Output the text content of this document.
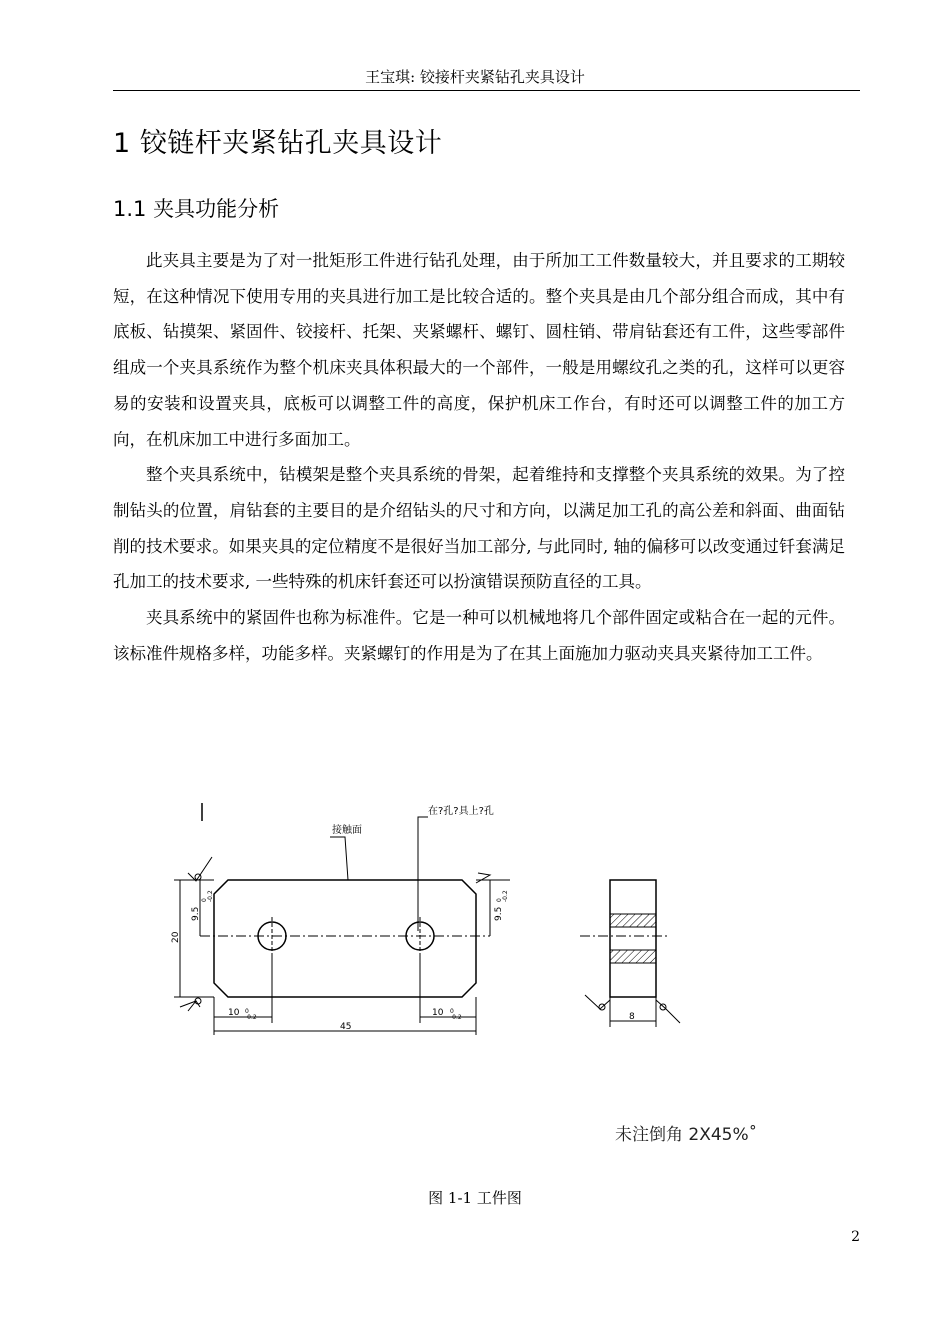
王宝琪: 铰接杆夹紧钻孔夹具设计
1 铰链杆夹紧钻孔夹具设计
1.1 夹具功能分析

此夹具主要是为了对一批矩形工件进行钻孔处理，由于所加工工件数量较大，并且要求的工期较短，在这种情况下使用专用的夹具进行加工是比较合适的。整个夹具是由几个部分组合而成，其中有底板、钻摸架、紧固件、铰接杆、托架、夹紧螺杆、螺钉、圆柱销、带肩钻套还有工件，这些零部件组成一个夹具系统作为整个机床夹具体积最大的一个部件，一般是用螺纹孔之类的孔，这样可以更容易的安装和设置夹具，底板可以调整工件的高度，保护机床工作台，有时还可以调整工件的加工方向，在机床加工中进行多面加工。

整个夹具系统中，钻模架是整个夹具系统的骨架，起着维持和支撑整个夹具系统的效果。为了控制钻头的位置，肩钻套的主要目的是介绍钻头的尺寸和方向，以满足加工孔的高公差和斜面、曲面钻削的技术要求。如果夹具的定位精度不是很好当加工部分, 与此同时, 轴的偏移可以改变通过钎套满足孔加工的技术要求, 一些特殊的机床钎套还可以扮演错误预防直径的工具。

夹具系统中的紧固件也称为标准件。它是一种可以机械地将几个部件固定或粘合在一起的元件。该标准件规格多样，功能多样。夹紧螺钉的作用是为了在其上面施加力驱动夹具夹紧待加工工件。

接触面
在?孔?具上?孔
20
9.5
0 -0.2
9.5
0 -0.2
10 0
-0.2	10 0
-0.2
45
8
未注倒角 2X45%˚
图 1-1 工件图
2
